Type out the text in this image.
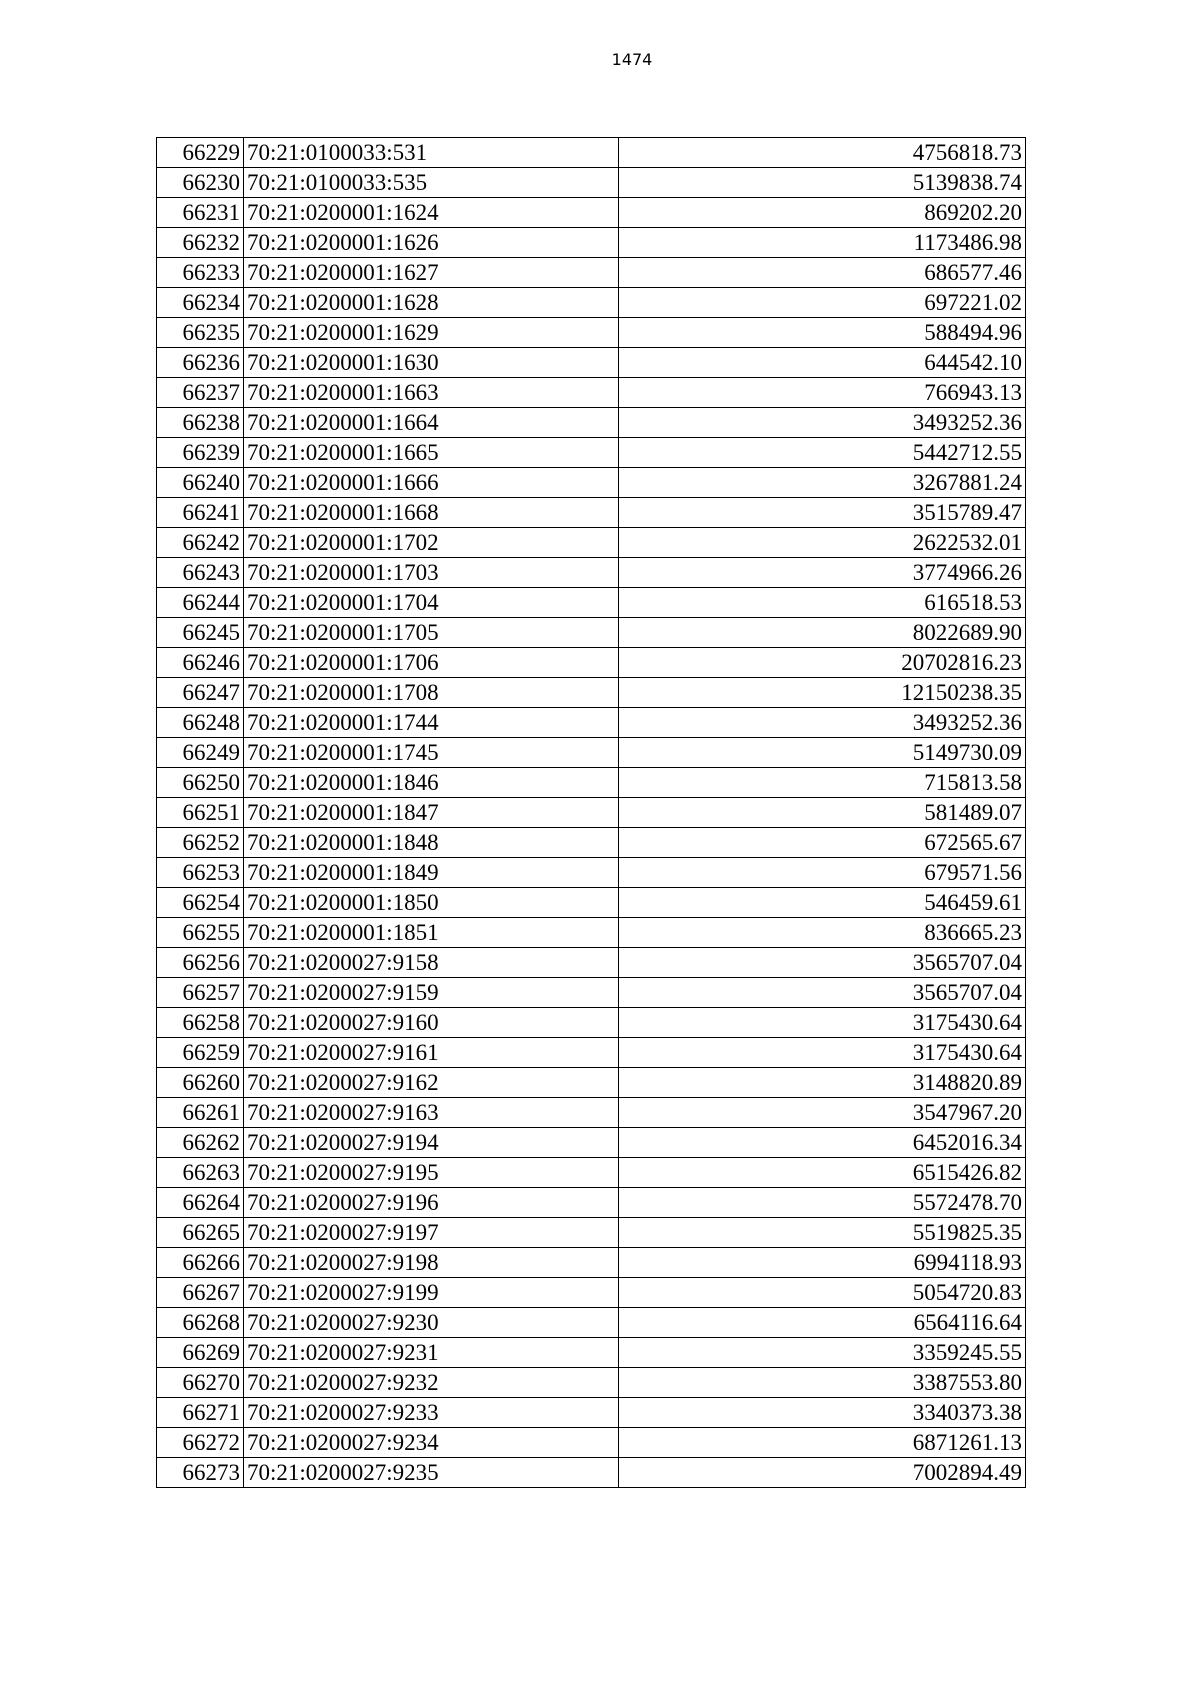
1474
66229	70:21:0100033:531	4756818.73
66230	70:21:0100033:535	5139838.74
66231	70:21:0200001:1624	869202.20
66232	70:21:0200001:1626	1173486.98
66233	70:21:0200001:1627	686577.46
66234	70:21:0200001:1628	697221.02
66235	70:21:0200001:1629	588494.96
66236	70:21:0200001:1630	644542.10
66237	70:21:0200001:1663	766943.13
66238	70:21:0200001:1664	3493252.36
66239	70:21:0200001:1665	5442712.55
66240	70:21:0200001:1666	3267881.24
66241	70:21:0200001:1668	3515789.47
66242	70:21:0200001:1702	2622532.01
66243	70:21:0200001:1703	3774966.26
66244	70:21:0200001:1704	616518.53
66245	70:21:0200001:1705	8022689.90
66246	70:21:0200001:1706	20702816.23
66247	70:21:0200001:1708	12150238.35
66248	70:21:0200001:1744	3493252.36
66249	70:21:0200001:1745	5149730.09
66250	70:21:0200001:1846	715813.58
66251	70:21:0200001:1847	581489.07
66252	70:21:0200001:1848	672565.67
66253	70:21:0200001:1849	679571.56
66254	70:21:0200001:1850	546459.61
66255	70:21:0200001:1851	836665.23
66256	70:21:0200027:9158	3565707.04
66257	70:21:0200027:9159	3565707.04
66258	70:21:0200027:9160	3175430.64
66259	70:21:0200027:9161	3175430.64
66260	70:21:0200027:9162	3148820.89
66261	70:21:0200027:9163	3547967.20
66262	70:21:0200027:9194	6452016.34
66263	70:21:0200027:9195	6515426.82
66264	70:21:0200027:9196	5572478.70
66265	70:21:0200027:9197	5519825.35
66266	70:21:0200027:9198	6994118.93
66267	70:21:0200027:9199	5054720.83
66268	70:21:0200027:9230	6564116.64
66269	70:21:0200027:9231	3359245.55
66270	70:21:0200027:9232	3387553.80
66271	70:21:0200027:9233	3340373.38
66272	70:21:0200027:9234	6871261.13
66273	70:21:0200027:9235	7002894.49
